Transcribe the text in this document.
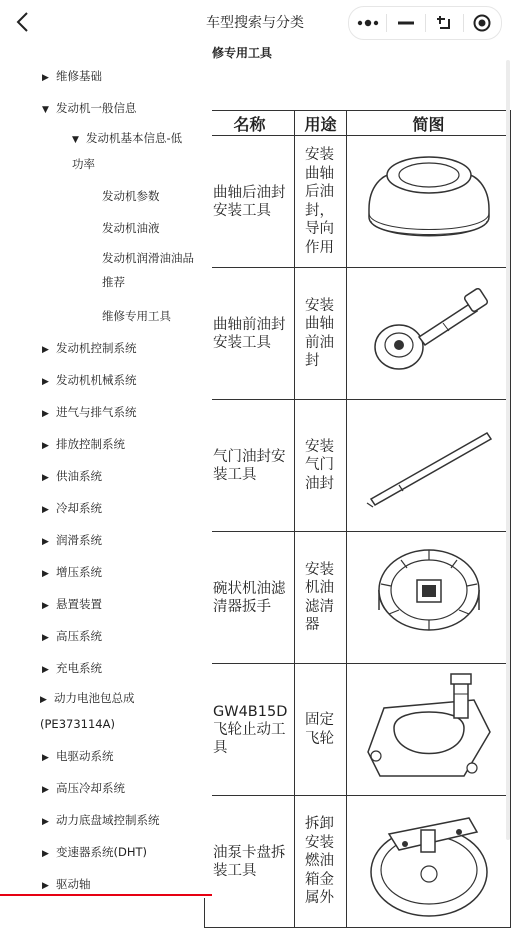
车型搜索与分类
修专用工具
名称	用途	简图
曲轴后油封安装工具	安装曲轴后油封，导向作用	

曲轴前油封安装工具	安装曲轴前油封	

气门油封安装工具	安装气门油封	

碗状机油滤清器扳手	安装机油滤清器	

GW4B15D飞轮止动工具	固定飞轮	

油泵卡盘拆装工具	拆卸安装燃油箱金属外	
▶ 维修基础
▼ 发动机一般信息
▼ 发动机基本信息-低功率
发动机参数
发动机油液
发动机润滑油油品推荐
维修专用工具
▶ 发动机控制系统
▶ 发动机机械系统
▶ 进气与排气系统
▶ 排放控制系统
▶ 供油系统
▶ 冷却系统
▶ 润滑系统
▶ 增压系统
▶ 悬置装置
▶ 高压系统
▶ 充电系统
▶ 动力电池包总成(PE373114A)
▶ 电驱动系统
▶ 高压冷却系统
▶ 动力底盘域控制系统
▶ 变速器系统(DHT)
▶ 驱动轴
